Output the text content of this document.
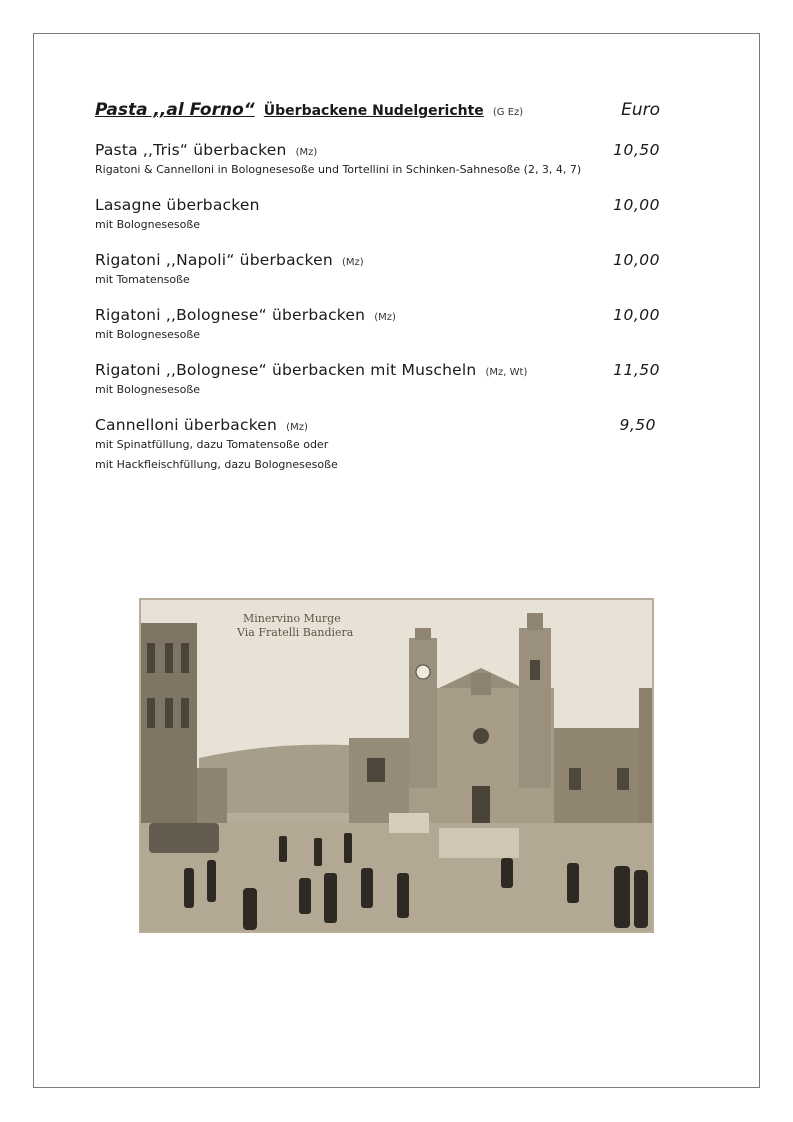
Pasta ,,al Forno“ Überbackene Nudelgerichte (G Ez)	Euro
Pasta ,,Tris“ überbacken (Mz)	10,50
Rigatoni & Cannelloni in Bolognesesoße und Tortellini in Schinken-Sahnesoße (2, 3, 4, 7)
Lasagne überbacken	10,00
mit Bolognesesoße
Rigatoni ,,Napoli“ überbacken (Mz)	10,00
mit Tomatensoße
Rigatoni ,,Bolognese“ überbacken (Mz)	10,00
mit Bolognesesoße
Rigatoni ,,Bolognese“ überbacken mit Muscheln (Mz, Wt)	11,50
mit Bolognesesoße
Cannelloni überbacken (Mz)	9,50
mit Spinatfüllung, dazu Tomatensoße oder
mit Hackfleischfüllung, dazu Bolognesesoße
Minervino Murge
Via Fratelli Bandiera
